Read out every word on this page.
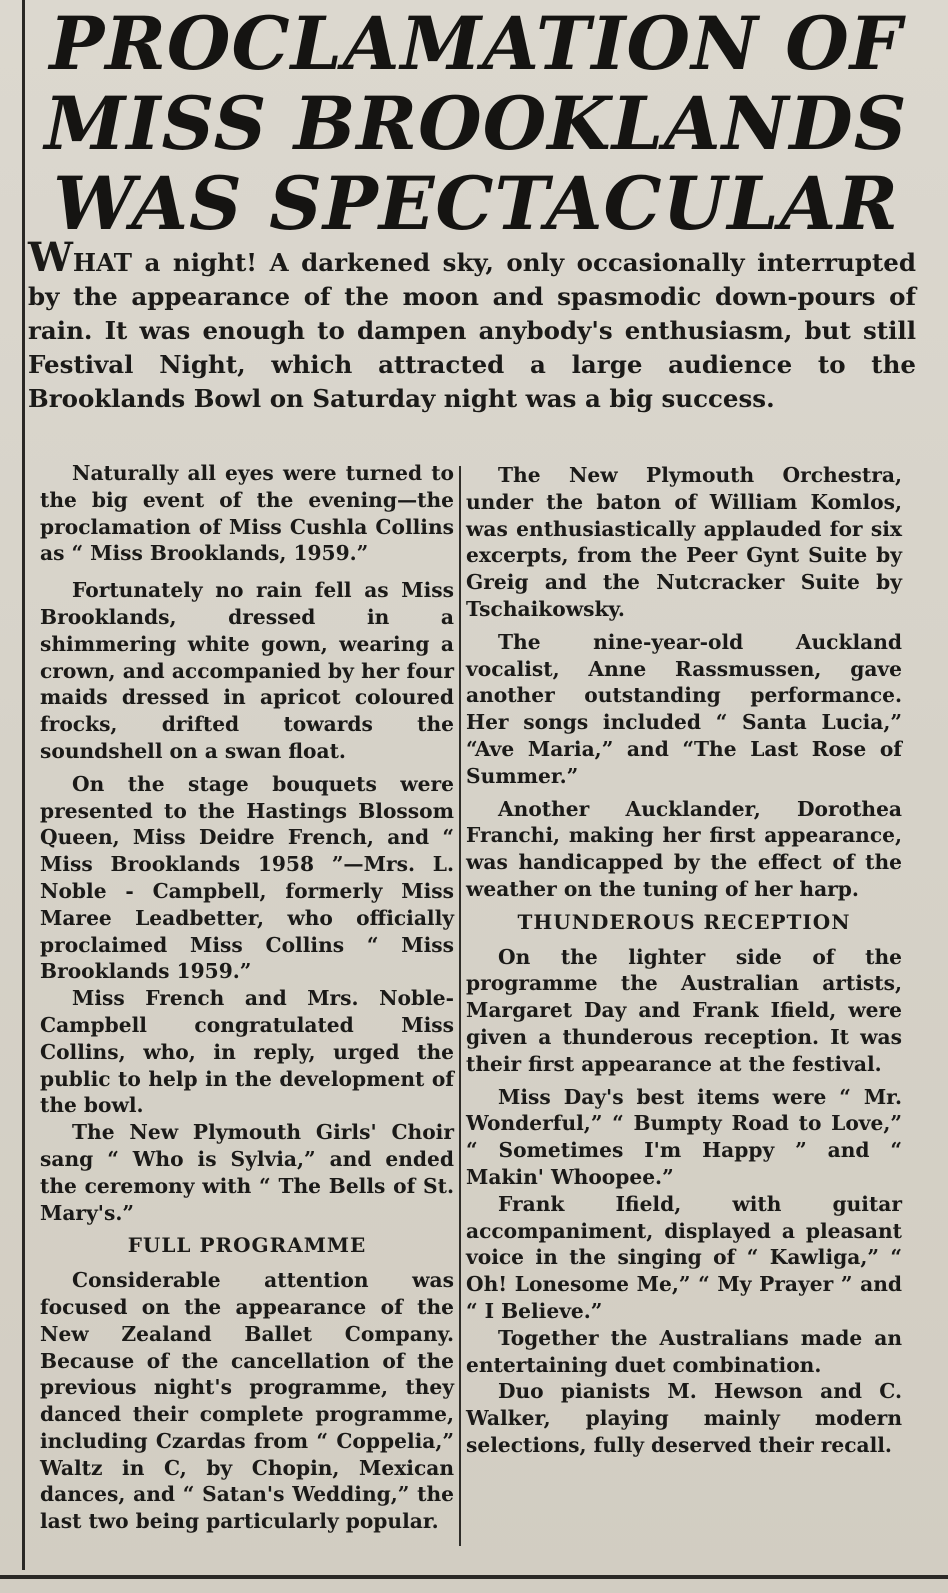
PROCLAMATION OF
MISS BROOKLANDS
WAS SPECTACULAR

WHAT a night! A darkened sky, only occasionally interrupted by the appearance of the moon and spasmodic down-pours of rain. It was enough to dampen anybody's enthusiasm, but still Festival Night, which attracted a large audience to the Brooklands Bowl on Saturday night was a big success.

Naturally all eyes were turned to the big event of the evening—the proclamation of Miss Cushla Collins as “ Miss Brooklands, 1959.”

Fortunately no rain fell as Miss Brooklands, dressed in a shimmering white gown, wearing a crown, and accompanied by her four maids dressed in apricot coloured frocks, drifted towards the soundshell on a swan float.

On the stage bouquets were presented to the Hastings Blossom Queen, Miss Deidre French, and “ Miss Brooklands 1958 ”—Mrs. L. Noble - Campbell, formerly Miss Maree Leadbetter, who officially proclaimed Miss Collins “ Miss Brooklands 1959.”

Miss French and Mrs. Noble-Campbell congratulated Miss Collins, who, in reply, urged the public to help in the development of the bowl.

The New Plymouth Girls' Choir sang “ Who is Sylvia,” and ended the ceremony with “ The Bells of St. Mary's.”

FULL PROGRAMME

Considerable attention was focused on the appearance of the New Zealand Ballet Company. Because of the cancellation of the previous night's programme, they danced their complete programme, including Czardas from “ Coppelia,” Waltz in C, by Chopin, Mexican dances, and “ Satan's Wedding,” the last two being particularly popular.

The New Plymouth Orchestra, under the baton of William Komlos, was enthusiastically applauded for six excerpts, from the Peer Gynt Suite by Greig and the Nutcracker Suite by Tschaikowsky.

The nine-year-old Auckland vocalist, Anne Rassmussen, gave another outstanding performance. Her songs included “ Santa Lucia,” “Ave Maria,” and “The Last Rose of Summer.”

Another Aucklander, Dorothea Franchi, making her first appearance, was handicapped by the effect of the weather on the tuning of her harp.

THUNDEROUS RECEPTION

On the lighter side of the programme the Australian artists, Margaret Day and Frank Ifield, were given a thunderous reception. It was their first appearance at the festival.

Miss Day's best items were “ Mr. Wonderful,” “ Bumpty Road to Love,” “ Sometimes I'm Happy ” and “ Makin' Whoopee.”

Frank Ifield, with guitar accompaniment, displayed a pleasant voice in the singing of “ Kawliga,” “ Oh! Lonesome Me,” “ My Prayer ” and “ I Believe.”

Together the Australians made an entertaining duet combination.

Duo pianists M. Hewson and C. Walker, playing mainly modern selections, fully deserved their recall.
